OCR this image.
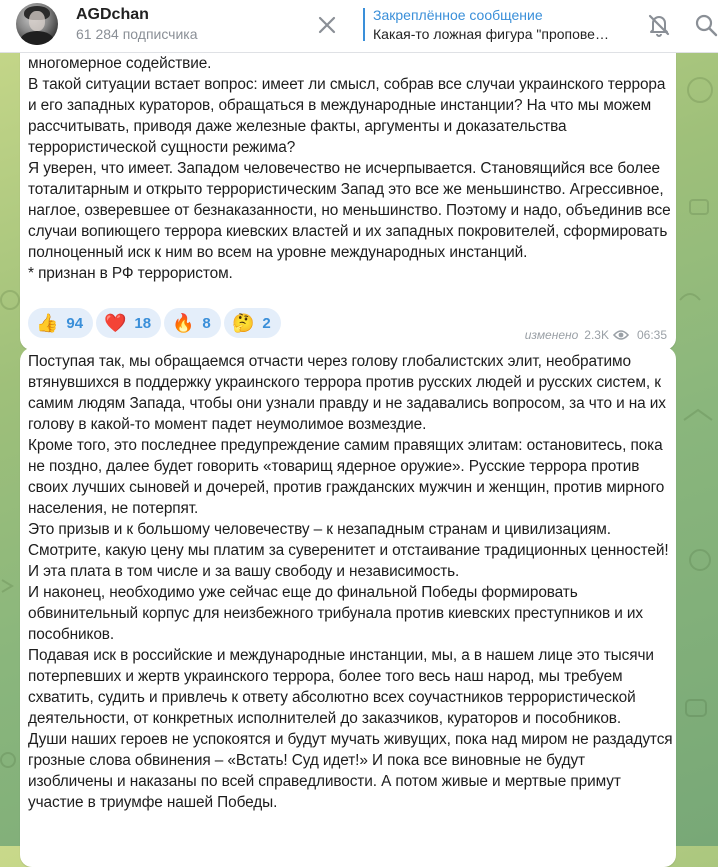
AGDchan
61 284 подписчика
Закреплённое сообщение
Какая-то ложная фигура "пропове…

многомерное содействие.

В такой ситуации встает вопрос: имеет ли смысл, собрав все случаи украинского террора и его западных кураторов, обращаться в международные инстанции? На что мы можем рассчитывать, приводя даже железные факты, аргументы и доказательства террористической сущности режима?

Я уверен, что имеет. Западом человечество не исчерпывается. Становящийся все более тоталитарным и открыто террористическим Запад это все же меньшинство. Агрессивное, наглое, озверевшее от безнаказанности, но меньшинство. Поэтому и надо, объединив все случаи вопиющего террора киевских властей и их западных покровителей, сформировать полноценный иск к ним во всем на уровне международных инстанций.

* признан в РФ террористом.

👍 94 ❤️ 18 🔥 8 🤔 2
изменено 2.3K 06:35

Поступая так, мы обращаемся отчасти через голову глобалистских элит, необратимо втянувшихся в поддержку украинского террора против русских людей и русских систем, к самим людям Запада, чтобы они узнали правду и не задавались вопросом, за что и на их голову в какой-то момент падет неумолимое возмездие.

Кроме того, это последнее предупреждение самим правящих элитам: остановитесь, пока не поздно, далее будет говорить «товарищ ядерное оружие». Русские террора против своих лучших сыновей и дочерей, против гражданских мужчин и женщин, против мирного населения, не потерпят.

Это призыв и к большому человечеству – к незападным странам и цивилизациям. Смотрите, какую цену мы платим за суверенитет и отстаивание традиционных ценностей! И эта плата в том числе и за вашу свободу и независимость.

И наконец, необходимо уже сейчас еще до финальной Победы формировать обвинительный корпус для неизбежного трибунала против киевских преступников и их пособников.

Подавая иск в российские и международные инстанции, мы, а в нашем лице это тысячи потерпевших и жертв украинского террора, более того весь наш народ, мы требуем схватить, судить и привлечь к ответу абсолютно всех соучастников террористической деятельности, от конкретных исполнителей до заказчиков, кураторов и пособников.

Души наших героев не успокоятся и будут мучать живущих, пока над миром не раздадутся грозные слова обвинения – «Встать! Суд идет!» И пока все виновные не будут изобличены и наказаны по всей справедливости. А потом живые и мертвые примут участие в триумфе нашей Победы.
